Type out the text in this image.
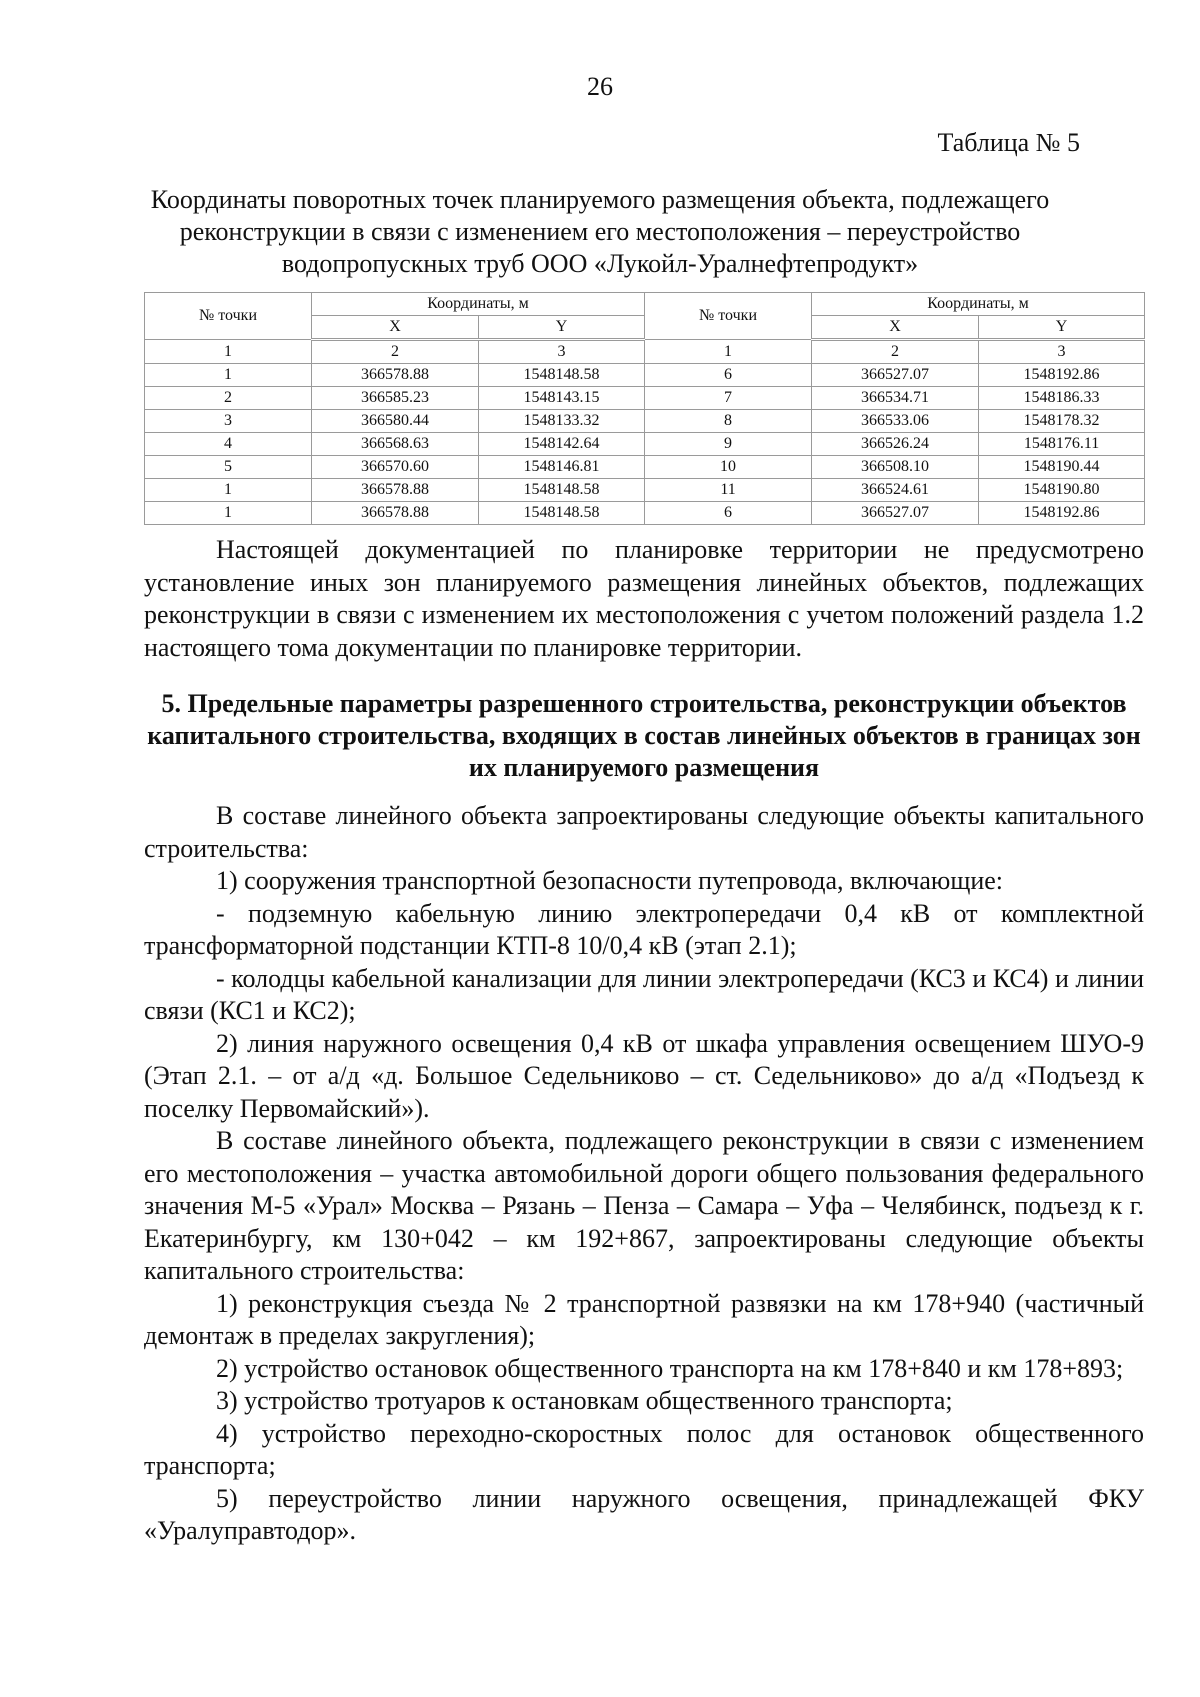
26
Таблица № 5
Координаты поворотных точек планируемого размещения объекта, подлежащего реконструкции в связи с изменением его местоположения – переустройство водопропускных труб ООО «Лукойл-Уралнефтепродукт»
№ точки	Координаты, м		№ точки	Координаты, м	
	X	Y		X	Y
1	2	3	1	2	3
1	366578.88	1548148.58	6	366527.07	1548192.86
2	366585.23	1548143.15	7	366534.71	1548186.33
3	366580.44	1548133.32	8	366533.06	1548178.32
4	366568.63	1548142.64	9	366526.24	1548176.11
5	366570.60	1548146.81	10	366508.10	1548190.44
1	366578.88	1548148.58	11	366524.61	1548190.80
1	366578.88	1548148.58	6	366527.07	1548192.86

Настоящей документацией по планировке территории не предусмотрено установление иных зон планируемого размещения линейных объектов, подлежащих реконструкции в связи с изменением их местоположения с учетом положений раздела 1.2 настоящего тома документации по планировке территории.

5. Предельные параметры разрешенного строительства, реконструкции объектов капитального строительства, входящих в состав линейных объектов в границах зон их планируемого размещения

В составе линейного объекта запроектированы следующие объекты капитального строительства:

1) сооружения транспортной безопасности путепровода, включающие:

- подземную кабельную линию электропередачи 0,4 кВ от комплектной трансформаторной подстанции КТП-8 10/0,4 кВ (этап 2.1);

- колодцы кабельной канализации для линии электропередачи (КС3 и КС4) и линии связи (КС1 и КС2);

2) линия наружного освещения 0,4 кВ от шкафа управления освещением ШУО-9 (Этап 2.1. – от а/д «д. Большое Седельниково – ст. Седельниково» до а/д «Подъезд к поселку Первомайский»).

В составе линейного объекта, подлежащего реконструкции в связи с изменением его местоположения – участка автомобильной дороги общего пользования федерального значения М-5 «Урал» Москва – Рязань – Пенза – Самара – Уфа – Челябинск, подъезд к г. Екатеринбургу, км 130+042 – км 192+867, запроектированы следующие объекты капитального строительства:

1) реконструкция съезда № 2 транспортной развязки на км 178+940 (частичный демонтаж в пределах закругления);

2) устройство остановок общественного транспорта на км 178+840 и км 178+893;

3) устройство тротуаров к остановкам общественного транспорта;

4) устройство переходно-скоростных полос для остановок общественного транспорта;

5) переустройство линии наружного освещения, принадлежащей ФКУ «Уралуправтодор».
